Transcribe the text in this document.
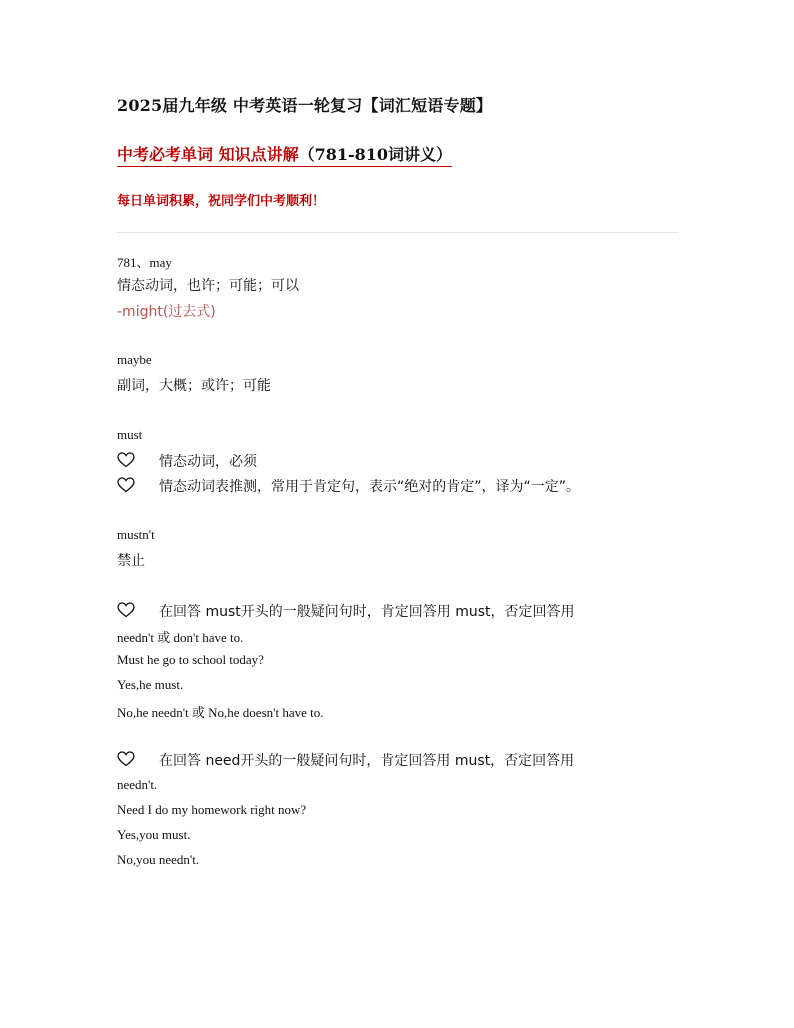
2025届九年级 中考英语一轮复习【词汇短语专题】
中考必考单词 知识点讲解（781-810词讲义）
每日单词积累，祝同学们中考顺利！
781、may
情态动词，也许；可能；可以
-might(过去式)
maybe
副词，大概；或许；可能
must
情态动词，必须
情态动词表推测，常用于肯定句，表示“绝对的肯定”，译为“一定”。
mustn't
禁止
在回答 must开头的一般疑问句时，肯定回答用 must，否定回答用
needn't 或 don't have to.
Must he go to school today?
Yes,he must.
No,he needn't 或 No,he doesn't have to.
在回答 need开头的一般疑问句时，肯定回答用 must，否定回答用
needn't.
Need I do my homework right now?
Yes,you must.
No,you needn't.
